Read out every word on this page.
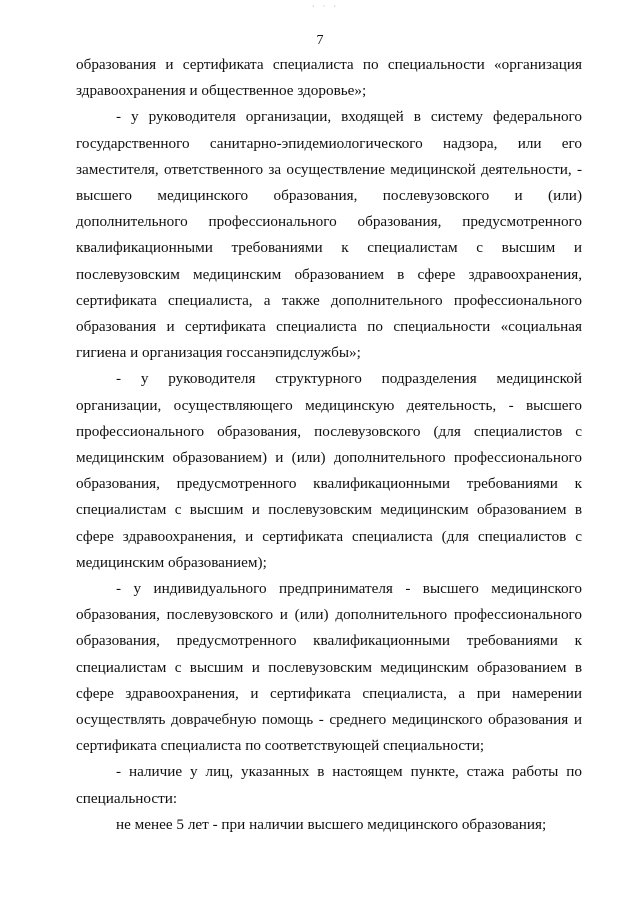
· · ·
7
образования и сертификата специалиста по специальности «организация
здравоохранения и общественное здоровье»;
- у руководителя организации, входящей в систему федерального
государственного санитарно-эпидемиологического надзора, или его
заместителя, ответственного за осуществление медицинской деятельности, -
высшего медицинского образования, послевузовского и (или)
дополнительного профессионального образования, предусмотренного
квалификационными требованиями к специалистам с высшим и
послевузовским медицинским образованием в сфере здравоохранения,
сертификата специалиста, а также дополнительного профессионального
образования и сертификата специалиста по специальности «социальная
гигиена и организация госсанэпидслужбы»;
- у руководителя структурного подразделения медицинской
организации, осуществляющего медицинскую деятельность, - высшего
профессионального образования, послевузовского (для специалистов с
медицинским образованием) и (или) дополнительного профессионального
образования, предусмотренного квалификационными требованиями к
специалистам с высшим и послевузовским медицинским образованием в
сфере здравоохранения, и сертификата специалиста (для специалистов с
медицинским образованием);
- у индивидуального предпринимателя - высшего медицинского
образования, послевузовского и (или) дополнительного профессионального
образования, предусмотренного квалификационными требованиями к
специалистам с высшим и послевузовским медицинским образованием в
сфере здравоохранения, и сертификата специалиста, а при намерении
осуществлять доврачебную помощь - среднего медицинского образования и
сертификата специалиста по соответствующей специальности;
- наличие у лиц, указанных в настоящем пункте, стажа работы по
специальности:
не менее 5 лет - при наличии высшего медицинского образования;
